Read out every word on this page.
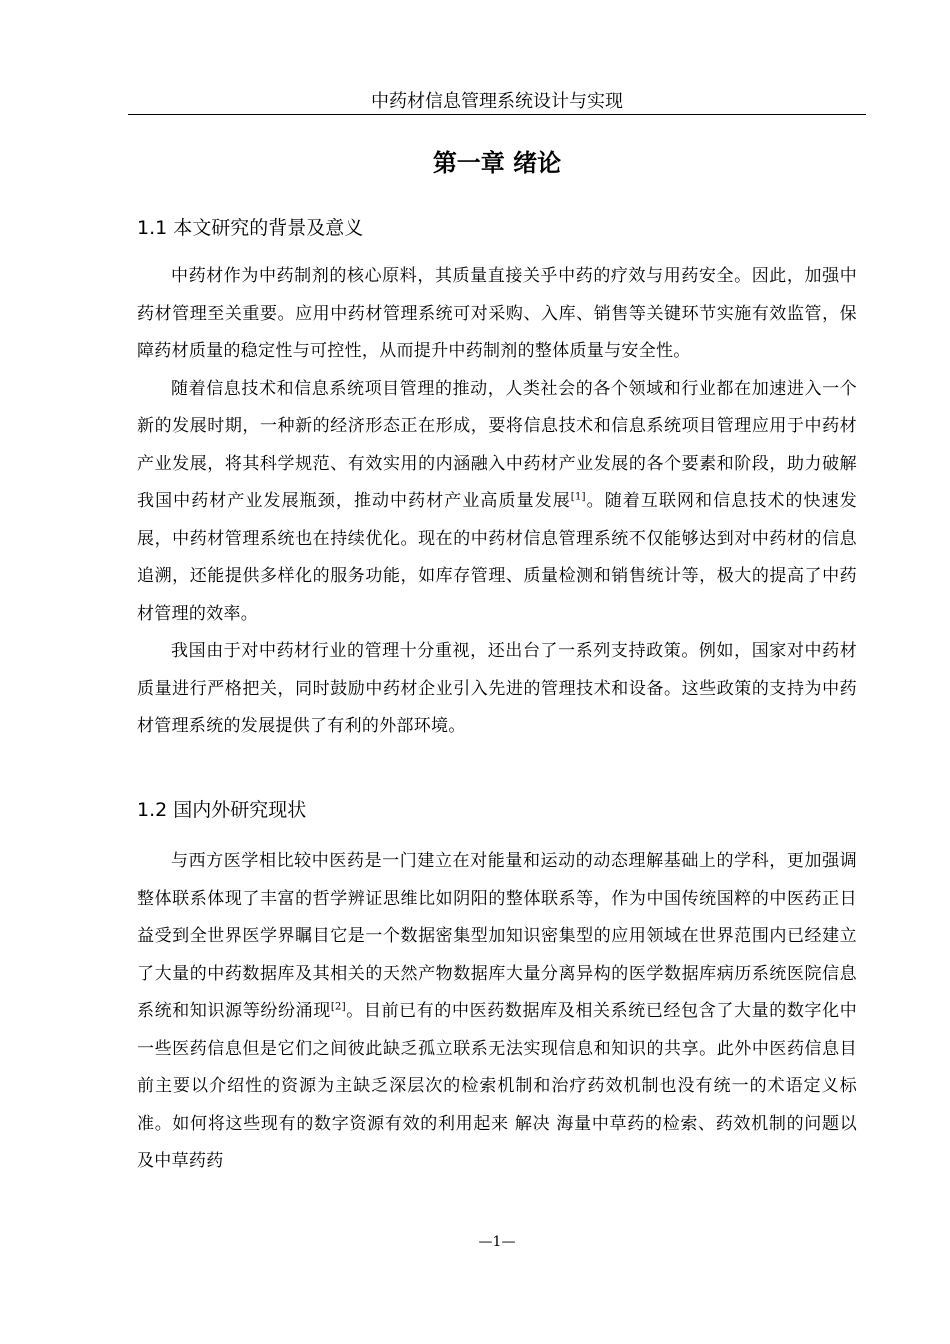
中药材信息管理系统设计与实现
第一章 绪论
1.1 本文研究的背景及意义

中药材作为中药制剂的核心原料，其质量直接关乎中药的疗效与用药安全。因此，加强中药材管理至关重要。应用中药材管理系统可对采购、入库、销售等关键环节实施有效监管，保障药材质量的稳定性与可控性，从而提升中药制剂的整体质量与安全性。

随着信息技术和信息系统项目管理的推动，人类社会的各个领域和行业都在加速进入一个新的发展时期，一种新的经济形态正在形成，要将信息技术和信息系统项目管理应用于中药材产业发展，将其科学规范、有效实用的内涵融入中药材产业发展的各个要素和阶段，助力破解我国中药材产业发展瓶颈，推动中药材产业高质量发展[1]。随着互联网和信息技术的快速发展，中药材管理系统也在持续优化。现在的中药材信息管理系统不仅能够达到对中药材的信息追溯，还能提供多样化的服务功能，如库存管理、质量检测和销售统计等，极大的提高了中药材管理的效率。

我国由于对中药材行业的管理十分重视，还出台了一系列支持政策。例如，国家对中药材质量进行严格把关，同时鼓励中药材企业引入先进的管理技术和设备。这些政策的支持为中药材管理系统的发展提供了有利的外部环境。

1.2 国内外研究现状

与西方医学相比较中医药是一门建立在对能量和运动的动态理解基础上的学科，更加强调整体联系体现了丰富的哲学辨证思维比如阴阳的整体联系等，作为中国传统国粹的中医药正日益受到全世界医学界瞩目它是一个数据密集型加知识密集型的应用领域在世界范围内已经建立了大量的中药数据库及其相关的天然产物数据库大量分离异构的医学数据库病历系统医院信息系统和知识源等纷纷涌现[2]。目前已有的中医药数据库及相关系统已经包含了大量的数字化中一些医药信息但是它们之间彼此缺乏孤立联系无法实现信息和知识的共享。此外中医药信息目前主要以介绍性的资源为主缺乏深层次的检索机制和治疗药效机制也没有统一的术语定义标准。如何将这些现有的数字资源有效的利用起来 解决 海量中草药的检索、药效机制的问题以及中草药药

—1—
